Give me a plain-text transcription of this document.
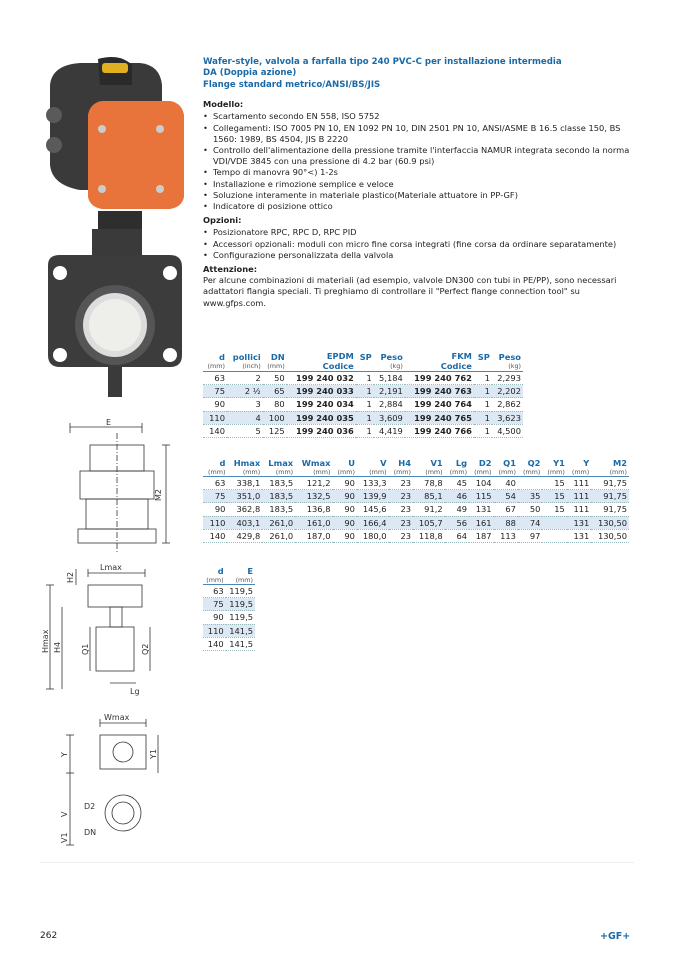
E
M2
Lmax
H2
Hmax H4 Q1	Q2
Lg
Wmax
Y	Y1
V
V1
D2
DN
Wafer-style, valvola a farfalla tipo 240 PVC-C per installazione intermedia
DA (Doppia azione)
Flange standard metrico/ANSI/BS/JIS
Modello:
• Scartamento secondo EN 558, ISO 5752
• Collegamenti: ISO 7005 PN 10, EN 1092 PN 10, DIN 2501 PN 10, ANSI/ASME B 16.5 classe 150, BS 1560: 1989, BS 4504, JIS B 2220
• Controllo dell'alimentazione della pressione tramite l'interfaccia NAMUR integrata secondo la norma VDI/VDE 3845 con una pressione di 4.2 bar (60.9 psi)
• Tempo di manovra 90°<) 1-2s
• Installazione e rimozione semplice e veloce
• Soluzione interamente in materiale plastico(Materiale attuatore in PP-GF)
• Indicatore di posizione ottico
Opzioni:
• Posizionatore RPC, RPC D, RPC PID
• Accessori opzionali: moduli con micro fine corsa integrati (fine corsa da ordinare separatamente)
• Configurazione personalizzata della valvola
Attenzione:
Per alcune combinazioni di materiali (ad esempio, valvole DN300 con tubi in PE/PP), sono necessari adattatori flangia speciali. Ti preghiamo di controllare il "Perfect flange connection tool" su www.gfps.com.
d
(mm)	pollici
(inch)	DN
(mm)	EPDM
Codice	SP	Peso
(kg)	FKM
Codice	SP	Peso
(kg)

63	2	50	199 240 032	1	5,184	199 240 762	1	2,293
75	2 ½	65	199 240 033	1	2,191	199 240 763	1	2,202
90	3	80	199 240 034	1	2,884	199 240 764	1	2,862
110	4	100	199 240 035	1	3,609	199 240 765	1	3,623
140	5	125	199 240 036	1	4,419	199 240 766	1	4,500
d
(mm)	Hmax
(mm)	Lmax
(mm)	Wmax
(mm)	U
(mm)	V
(mm)	H4
(mm)	V1
(mm)	Lg
(mm)	D2
(mm)	Q1
(mm)	Q2
(mm)	Y1
(mm)	Y
(mm)	M2
(mm)

63	338,1	183,5	121,2	90	133,3	23	78,8	45	104	40		15	111	91,75
75	351,0	183,5	132,5	90	139,9	23	85,1	46	115	54	35	15	111	91,75
90	362,8	183,5	136,8	90	145,6	23	91,2	49	131	67	50	15	111	91,75
110	403,1	261,0	161,0	90	166,4	23	105,7	56	161	88	74		131	130,50
140	429,8	261,0	187,0	90	180,0	23	118,8	64	187	113	97		131	130,50
d
(mm)	E
(mm)

63	119,5
75	119,5
90	119,5
110	141,5
140	141,5
262	+GF+
